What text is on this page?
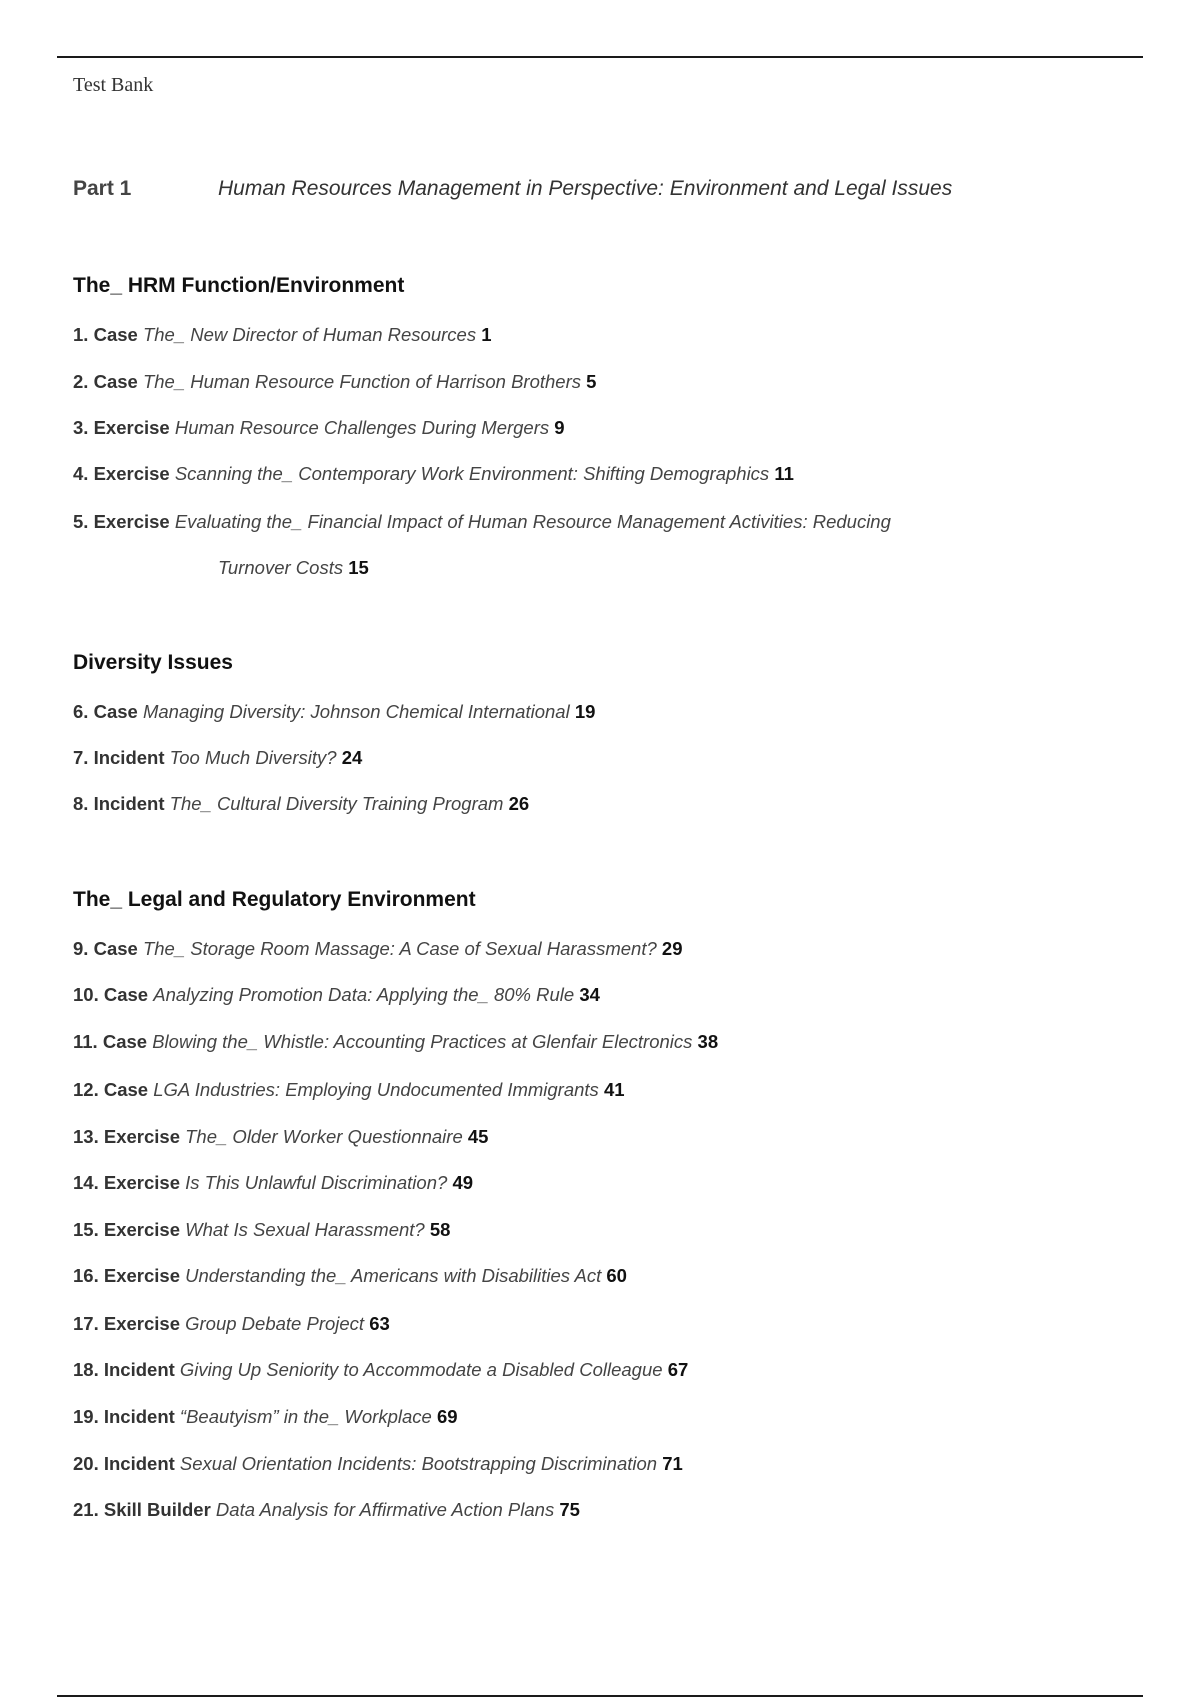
Test Bank
Part 1	Human Resources Management in Perspective: Environment and Legal Issues
The_ HRM Function/Environment
1. Case The_ New Director of Human Resources 1
2. Case The_ Human Resource Function of Harrison Brothers 5
3. Exercise Human Resource Challenges During Mergers 9
4. Exercise Scanning the_ Contemporary Work Environment: Shifting Demographics 11
5. Exercise Evaluating the_ Financial Impact of Human Resource Management Activities: Reducing
Turnover Costs 15
Diversity Issues
6. Case Managing Diversity: Johnson Chemical International 19
7. Incident Too Much Diversity? 24
8. Incident The_ Cultural Diversity Training Program 26
The_ Legal and Regulatory Environment
9. Case The_ Storage Room Massage: A Case of Sexual Harassment? 29
10. Case Analyzing Promotion Data: Applying the_ 80% Rule 34
11. Case Blowing the_ Whistle: Accounting Practices at Glenfair Electronics 38
12. Case LGA Industries: Employing Undocumented Immigrants 41
13. Exercise The_ Older Worker Questionnaire 45
14. Exercise Is This Unlawful Discrimination? 49
15. Exercise What Is Sexual Harassment? 58
16. Exercise Understanding the_ Americans with Disabilities Act 60
17. Exercise Group Debate Project 63
18. Incident Giving Up Seniority to Accommodate a Disabled Colleague 67
19. Incident “Beautyism” in the_ Workplace 69
20. Incident Sexual Orientation Incidents: Bootstrapping Discrimination 71
21. Skill Builder Data Analysis for Affirmative Action Plans 75
